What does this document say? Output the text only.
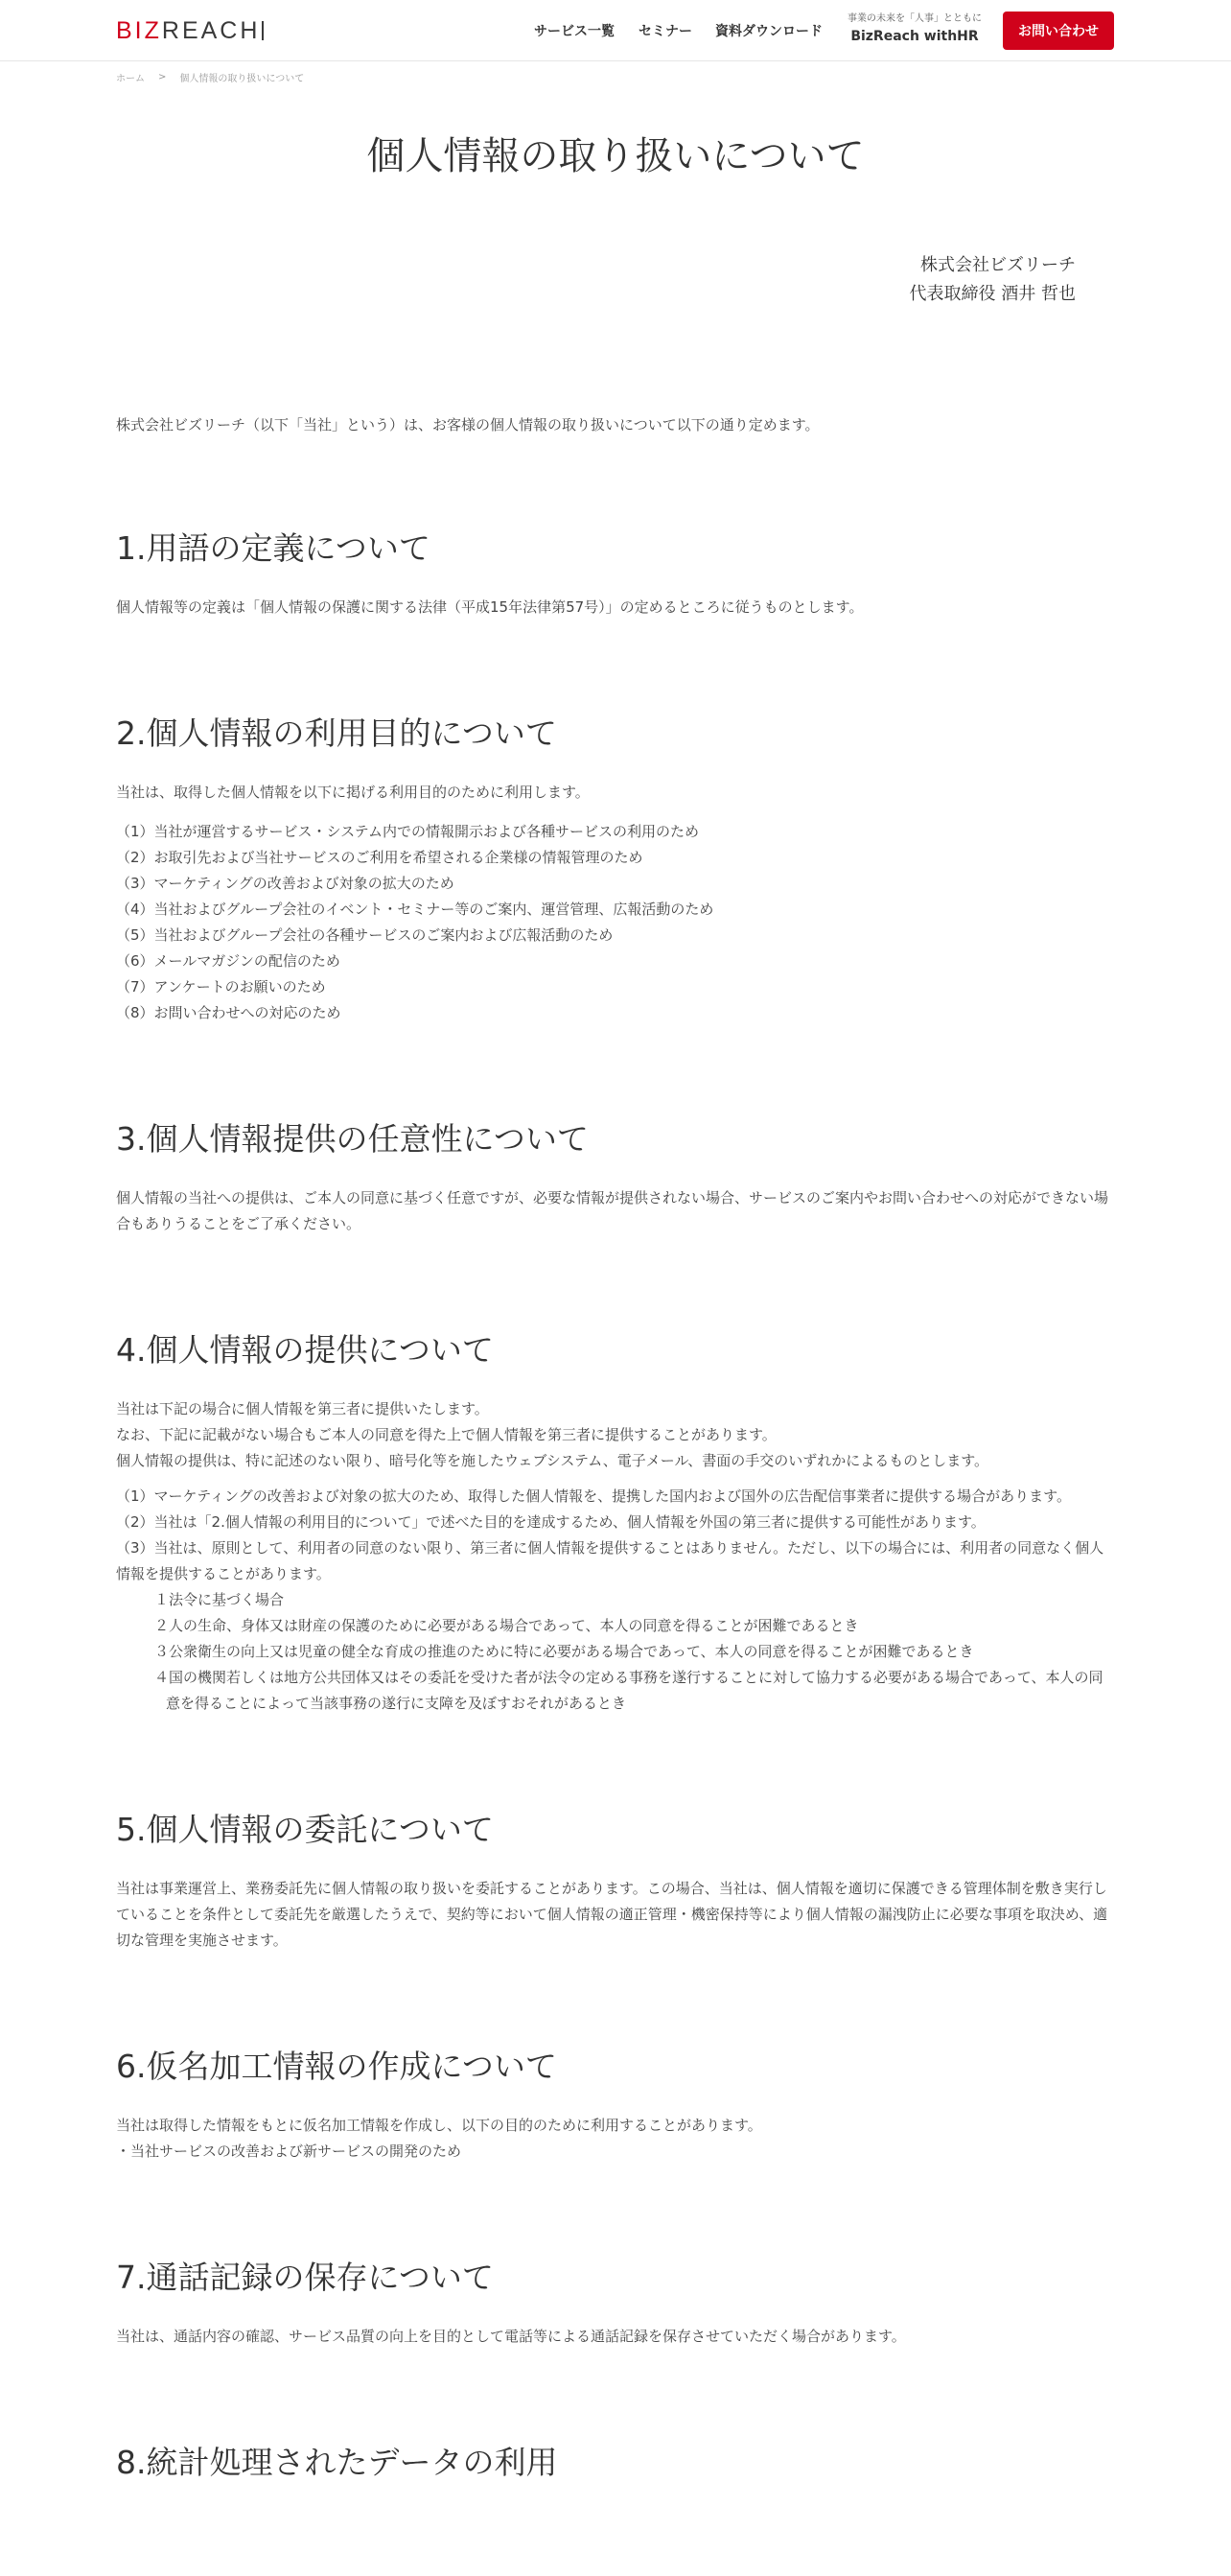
BIZ REACH	サービス一覧 セミナー 資料ダウンロード
事業の未来を「人事」とともに
BizReach withHR	お問い合わせ
ホーム > 個人情報の取り扱いについて
個人情報の取り扱いについて
株式会社ビズリーチ
代表取締役 酒井 哲也

株式会社ビズリーチ（以下「当社」という）は、お客様の個人情報の取り扱いについて以下の通り定めます。

1.用語の定義について

個人情報等の定義は「個人情報の保護に関する法律（平成15年法律第57号）」の定めるところに従うものとします。

2.個人情報の利用目的について

当社は、取得した個人情報を以下に掲げる利用目的のために利用します。

（1）当社が運営するサービス・システム内での情報開示および各種サービスの利用のため
（2）お取引先および当社サービスのご利用を希望される企業様の情報管理のため
（3）マーケティングの改善および対象の拡大のため
（4）当社およびグループ会社のイベント・セミナー等のご案内、運営管理、広報活動のため
（5）当社およびグループ会社の各種サービスのご案内および広報活動のため
（6）メールマガジンの配信のため
（7）アンケートのお願いのため
（8）お問い合わせへの対応のため
3.個人情報提供の任意性について

個人情報の当社への提供は、ご本人の同意に基づく任意ですが、必要な情報が提供されない場合、サービスのご案内やお問い合わせへの対応ができない場合もありうることをご了承ください。

4.個人情報の提供について

当社は下記の場合に個人情報を第三者に提供いたします。

なお、下記に記載がない場合もご本人の同意を得た上で個人情報を第三者に提供することがあります。

個人情報の提供は、特に記述のない限り、暗号化等を施したウェブシステム、電子メール、書面の手交のいずれかによるものとします。

（1）マーケティングの改善および対象の拡大のため、取得した個人情報を、提携した国内および国外の広告配信事業者に提供する場合があります。
（2）当社は「2.個人情報の利用目的について」で述べた目的を達成するため、個人情報を外国の第三者に提供する可能性があります。
（3）当社は、原則として、利用者の同意のない限り、第三者に個人情報を提供することはありません。ただし、以下の場合には、利用者の同意なく個人情報を提供することがあります。
１法令に基づく場合
２人の生命、身体又は財産の保護のために必要がある場合であって、本人の同意を得ることが困難であるとき
３公衆衛生の向上又は児童の健全な育成の推進のために特に必要がある場合であって、本人の同意を得ることが困難であるとき
４国の機関若しくは地方公共団体又はその委託を受けた者が法令の定める事務を遂行することに対して協力する必要がある場合であって、本人の同意を得ることによって当該事務の遂行に支障を及ぼすおそれがあるとき
5.個人情報の委託について

当社は事業運営上、業務委託先に個人情報の取り扱いを委託することがあります。この場合、当社は、個人情報を適切に保護できる管理体制を敷き実行していることを条件として委託先を厳選したうえで、契約等において個人情報の適正管理・機密保持等により個人情報の漏洩防止に必要な事項を取決め、適切な管理を実施させます。

6.仮名加工情報の作成について

当社は取得した情報をもとに仮名加工情報を作成し、以下の目的のために利用することがあります。

・当社サービスの改善および新サービスの開発のため

7.通話記録の保存について

当社は、通話内容の確認、サービス品質の向上を目的として電話等による通話記録を保存させていただく場合があります。

8.統計処理されたデータの利用
